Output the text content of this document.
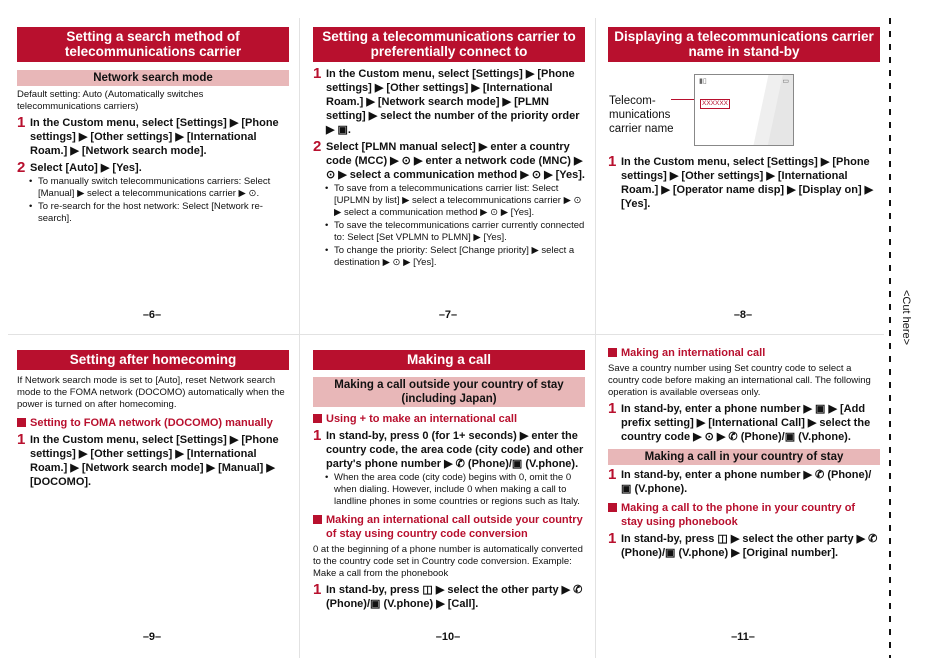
<Cut here>
Setting a search method of telecommunications carrier
Network search mode
Default setting: Auto (Automatically switches telecommunications carriers)
1 In the Custom menu, select [Settings] ▶ [Phone settings] ▶ [Other settings] ▶ [International Roam.] ▶ [Network search mode].
2 Select [Auto] ▶ [Yes].
• To manually switch telecommunications carriers: Select [Manual] ▶ select a telecommunications carrier ▶ ⊙.
• To re-search for the host network: Select [Network re-search].
Setting a telecommunications carrier to preferentially connect to
1 In the Custom menu, select [Settings] ▶ [Phone settings] ▶ [Other settings] ▶ [International Roam.] ▶ [Network search mode] ▶ [PLMN setting] ▶ select the number of the priority order ▶ ▣.
2 Select [PLMN manual select] ▶ enter a country code (MCC) ▶ ⊙ ▶ enter a network code (MNC) ▶ ⊙ ▶ select a communication method ▶ ⊙ ▶ [Yes].
• To save from a telecommunications carrier list: Select [UPLMN by list] ▶ select a telecommunications carrier ▶ ⊙ ▶ select a communication method ▶ ⊙ ▶ [Yes].
• To save the telecommunications carrier currently connected to: Select [Set VPLMN to PLMN] ▶ [Yes].
• To change the priority: Select [Change priority] ▶ select a destination ▶ ⊙ ▶ [Yes].
Displaying a telecommunications carrier name in stand-by
Telecom-munications carrier name
▮▯	▭
XXXXXX
1 In the Custom menu, select [Settings] ▶ [Phone settings] ▶ [Other settings] ▶ [International Roam.] ▶ [Operator name disp] ▶ [Display on] ▶ [Yes].
Setting after homecoming
If Network search mode is set to [Auto], reset Network search mode to the FOMA network (DOCOMO) automatically when the power is turned on after homecoming.
Setting to FOMA network (DOCOMO) manually
1 In the Custom menu, select [Settings] ▶ [Phone settings] ▶ [Other settings] ▶ [International Roam.] ▶ [Network search mode] ▶ [Manual] ▶ [DOCOMO].
Making a call
Making a call outside your country of stay (including Japan)
Using + to make an international call
1 In stand-by, press 0 (for 1+ seconds) ▶ enter the country code, the area code (city code) and other party's phone number ▶ ✆ (Phone)/▣ (V.phone).
• When the area code (city code) begins with 0, omit the 0 when dialing. However, include 0 when making a call to landline phones in some countries or regions such as Italy.
Making an international call outside your country of stay using country code conversion
0 at the beginning of a phone number is automatically converted to the country code set in Country code conversion. Example: Make a call from the phonebook
1 In stand-by, press ◫ ▶ select the other party ▶ ✆ (Phone)/▣ (V.phone) ▶ [Call].
Making an international call
Save a country number using Set country code to select a country code before making an international call. The following operation is available overseas only.
1 In stand-by, enter a phone number ▶ ▣ ▶ [Add prefix setting] ▶ [International Call] ▶ select the country code ▶ ⊙ ▶ ✆ (Phone)/▣ (V.phone).
Making a call in your country of stay
1 In stand-by, enter a phone number ▶ ✆ (Phone)/▣ (V.phone).
Making a call to the phone in your country of stay using phonebook
1 In stand-by, press ◫ ▶ select the other party ▶ ✆ (Phone)/▣ (V.phone) ▶ [Original number].
–6–	–7–	–8–
–9–	–10–	–11–
